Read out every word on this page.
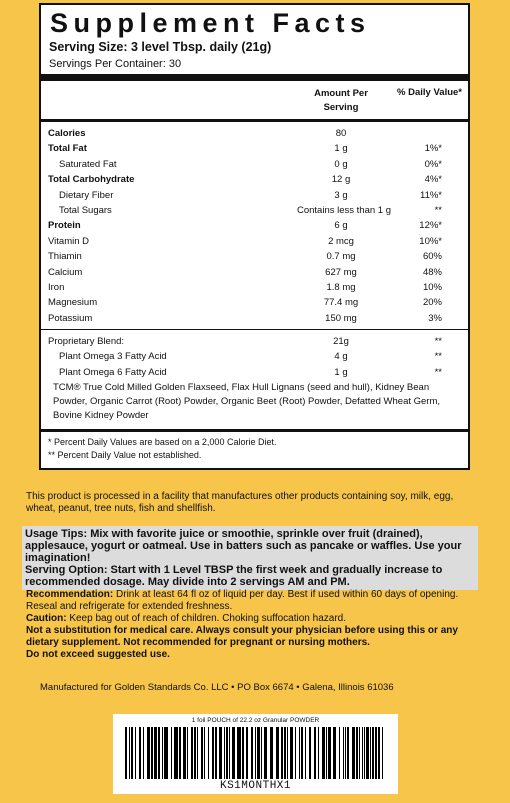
Supplement Facts
Serving Size: 3 level Tbsp. daily (21g)
Servings Per Container: 30
Amount Per Serving
% Daily Value*
Calories	80
Total Fat	1 g	1%*
Saturated Fat	0 g	0%*
Total Carbohydrate	12 g	4%*
Dietary Fiber	3 g	11%*
Total Sugars	Contains less than 1 g	**
Protein	6 g	12%*
Vitamin D	2 mcg	10%*
Thiamin	0.7 mg	60%
Calcium	627 mg	48%
Iron	1.8 mg	10%
Magnesium	77.4 mg	20%
Potassium	150 mg	3%
Proprietary Blend:	21g	**
Plant Omega 3 Fatty Acid	4 g	**
Plant Omega 6 Fatty Acid	1 g	**
TCM® True Cold Milled Golden Flaxseed, Flax Hull Lignans (seed and hull), Kidney Bean Powder, Organic Carrot (Root) Powder, Organic Beet (Root) Powder, Defatted Wheat Germ, Bovine Kidney Powder
* Percent Daily Values are based on a 2,000 Calorie Diet.
** Percent Daily Value not established.
This product is processed in a facility that manufactures other products containing soy, milk, egg, wheat, peanut, tree nuts, fish and shellfish.
Usage Tips: Mix with favorite juice or smoothie, sprinkle over fruit (drained), applesauce, yogurt or oatmeal. Use in batters such as pancake or waffles. Use your imagination!
Serving Option: Start with 1 Level TBSP the first week and gradually increase to recommended dosage. May divide into 2 servings AM and PM.

Recommendation: Drink at least 64 fl oz of liquid per day. Best if used within 60 days of opening. Reseal and refrigerate for extended freshness.

Caution: Keep bag out of reach of children. Choking suffocation hazard.

Not a substitution for medical care. Always consult your physician before using this or any dietary supplement. Not recommended for pregnant or nursing mothers.

Do not exceed suggested use.

Manufactured for Golden Standards Co. LLC • PO Box 6674 • Galena, Illinois 61036
1 foil POUCH of 22.2 oz Granular POWDER
KS1MONTHX1
